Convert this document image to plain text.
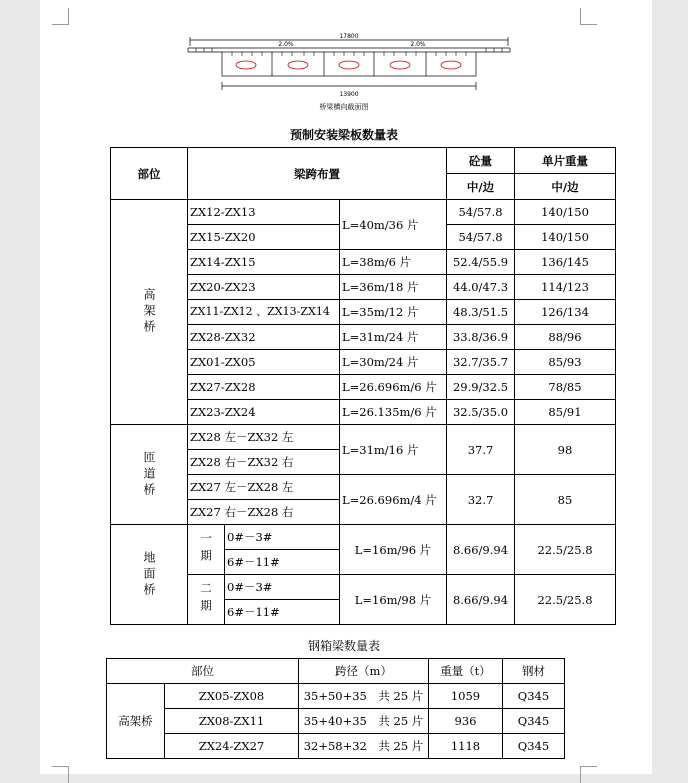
17800
13900
2.0%	2.0%
桥梁横向截面图
预制安装梁板数量表
部位	梁跨布置			砼量	单片重量
				中/边	中/边
高架桥	ZX12-ZX13		L=40m/36 片	54/57.8	140/150
	ZX15-ZX20			54/57.8	140/150
	ZX14-ZX15		L=38m/6 片	52.4/55.9	136/145
	ZX20-ZX23		L=36m/18 片	44.0/47.3	114/123
	ZX11-ZX12 、ZX13-ZX14		L=35m/12 片	48.3/51.5	126/134
	ZX28-ZX32		L=31m/24 片	33.8/36.9	88/96
	ZX01-ZX05		L=30m/24 片	32.7/35.7	85/93
	ZX27-ZX28		L=26.696m/6 片	29.9/32.5	78/85
	ZX23-ZX24		L=26.135m/6 片	32.5/35.0	85/91
匝道桥	ZX28 左－ZX32 左		L=31m/16 片	37.7	98
	ZX28 右－ZX32 右				
	ZX27 左－ZX28 左		L=26.696m/4 片	32.7	85
	ZX27 右－ZX28 右				
地面桥	一期	0#－3#	L=16m/96 片	8.66/9.94	22.5/25.8
		6#－11#			
	二期	0#－3#	L=16m/98 片	8.66/9.94	22.5/25.8
		6#－11#			
钢箱梁数量表
部位		跨径（m）	重量（t）	钢材
高架桥	ZX05-ZX08	35+50+35　共 25 片	1059	Q345
	ZX08-ZX11	35+40+35　共 25 片	936	Q345
	ZX24-ZX27	32+58+32　共 25 片	1118	Q345
